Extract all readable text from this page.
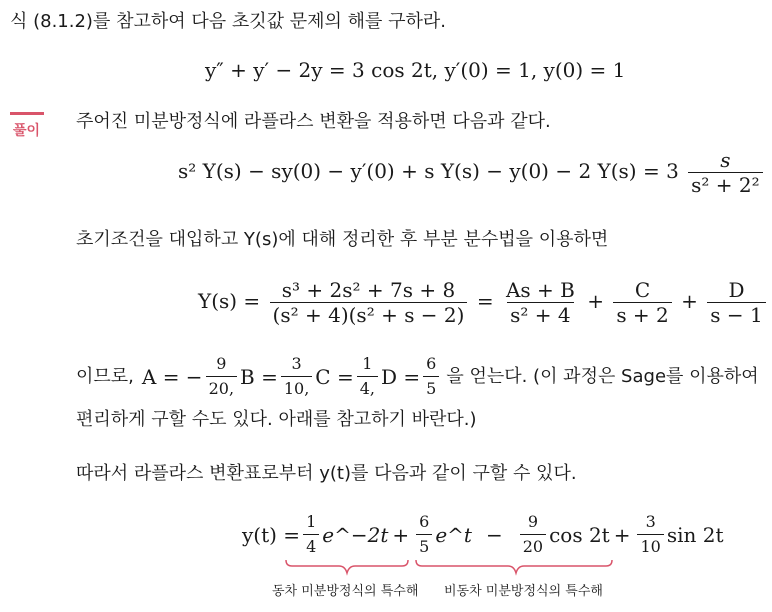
식 (8.1.2)를 참고하여 다음 초깃값 문제의 해를 구하라.
y″ + y′ − 2y = 3 cos 2t, y′(0) = 1, y(0) = 1
풀이 주어진 미분방정식에 라플라스 변환을 적용하면 다음과 같다.
s² Y(s) − sy(0) − y′(0) + s Y(s) − y(0) − 2 $Y(s) = 3 \frac{s}{\text{s² + 2²}}$
초기조건을 대입하고 Y(s)에 대해 정리한 후 부분 분수법을 이용하면
$Y(s) = \frac{\text{s³ + 2s² + 7s + 8}}{\text{(s² + 4)(s² + s − 2)}} = \frac{As + B}{\text{s² + 4}} + \frac{C}{s + 2} + \frac{D}{s - 1}$
이므로, A = − $\frac{9}{20,}$ $B = \frac{3}{10,}$ $C = \frac{1}{4,}$ $D = \frac{6}{5}$ 을 얻는다. (이 과정은 Sage를 이용하여
편리하게 구할 수도 있다. 아래를 참고하기 바란다.)
따라서 라플라스 변환표로부터 y(t)를 다음과 같이 구할 수 있다.
$y(t) = \frac{1}{4}$ e^−2t + $\frac{6}{5}$ e^t − $\frac{9}{20}$ $\cos 2t + \frac{3}{10}$ sin 2t
동차 미분방정식의 특수해 비동차 미분방정식의 특수해
